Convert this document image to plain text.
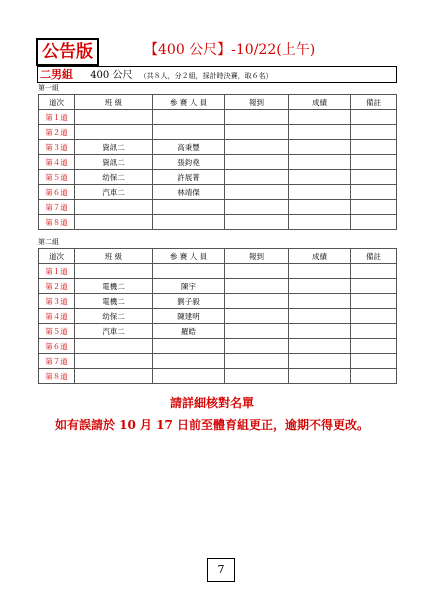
公告版	【400 公尺】-10/22(上午)
二男組 400 公尺 （共８人，分２組，採計時決賽，取６名）
第一組
道次	班 級	參 賽 人 員	報到	成績	備註
第１道					
第２道					
第３道	資訊二	高秉豐			
第４道	資訊二	張鈞堯			
第５道	幼保二	許展菁			
第６道	汽車二	林靖傑			
第７道					
第８道					
第二組
道次	班 級	參 賽 人 員	報到	成績	備註
第１道					
第２道	電機二	陳宇			
第３道	電機二	劉子毅			
第４道	幼保二	陳建明			
第５道	汽車二	羅皓			
第６道					
第７道					
第８道					
請詳細核對名單
如有誤請於 10 月 17 日前至體育組更正，逾期不得更改。
7
